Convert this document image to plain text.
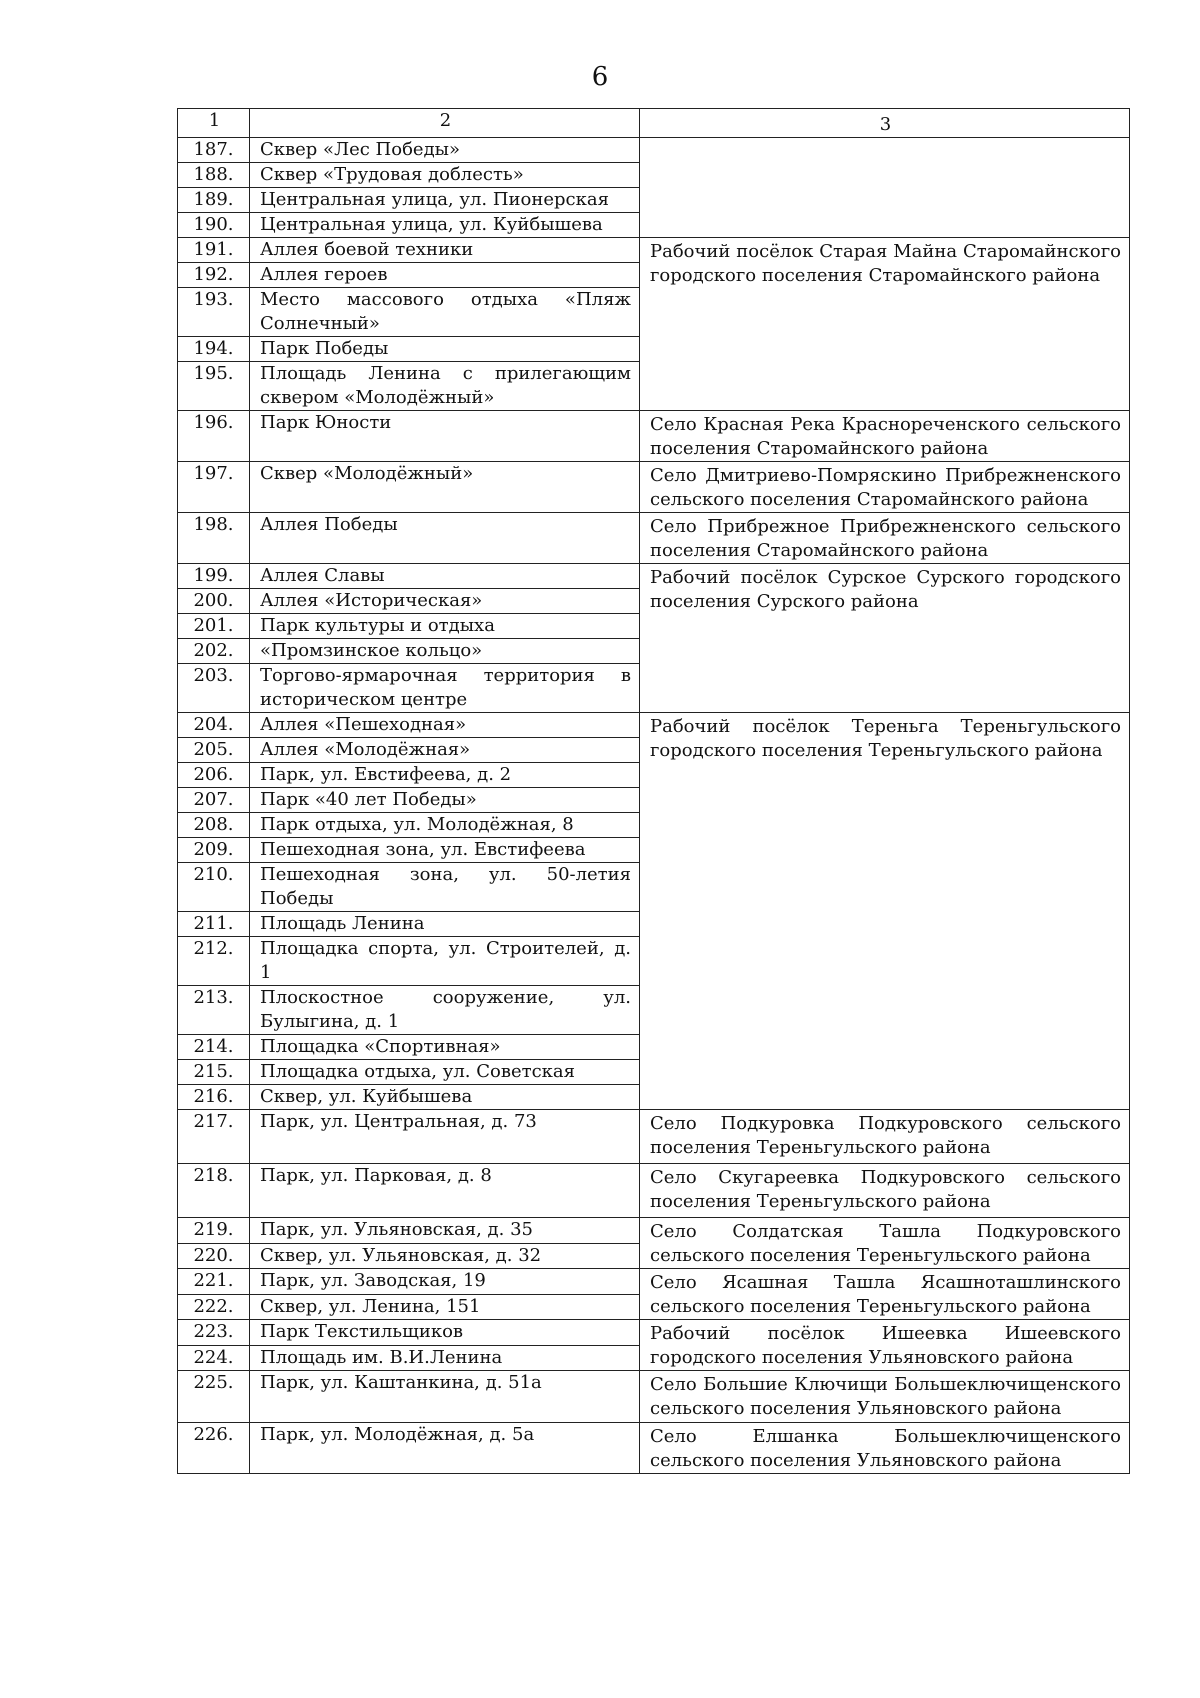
6
1	2	3
187.	Сквер «Лес Победы»	
188.	Сквер «Трудовая доблесть»	
189.	Центральная улица, ул. Пионерская	
190.	Центральная улица, ул. Куйбышева	
191.	Аллея боевой техники	Рабочий посёлок Старая Майна Старомайнского городского поселения Старомайнского района
192.	Аллея героев	
193.	Место массового отдыха «Пляж Солнечный»	
194.	Парк Победы	
195.	Площадь Ленина с прилегающим сквером «Молодёжный»	
196.	Парк Юности	Село Красная Река Краснореченского сельского поселения Старомайнского района
197.	Сквер «Молодёжный»	Село Дмитриево-Помряскино Прибрежненского сельского поселения Старомайнского района
198.	Аллея Победы	Село Прибрежное Прибрежненского сельского поселения Старомайнского района
199.	Аллея Славы	Рабочий посёлок Сурское Сурского городского поселения Сурского района
200.	Аллея «Историческая»	
201.	Парк культуры и отдыха	
202.	«Промзинское кольцо»	
203.	Торгово-ярмарочная территория в историческом центре	
204.	Аллея «Пешеходная»	Рабочий посёлок Тереньга Тереньгульского городского поселения Тереньгульского района
205.	Аллея «Молодёжная»	
206.	Парк, ул. Евстифеева, д. 2	
207.	Парк «40 лет Победы»	
208.	Парк отдыха, ул. Молодёжная, 8	
209.	Пешеходная зона, ул. Евстифеева	
210.	Пешеходная зона, ул. 50-летия Победы	
211.	Площадь Ленина	
212.	Площадка спорта, ул. Строителей, д. 1	
213.	Плоскостное сооружение, ул. Булыгина, д. 1	
214.	Площадка «Спортивная»	
215.	Площадка отдыха, ул. Советская	
216.	Сквер, ул. Куйбышева	
217.	Парк, ул. Центральная, д. 73	Село Подкуровка Подкуровского сельского поселения Тереньгульского района
218.	Парк, ул. Парковая, д. 8	Село Скугареевка Подкуровского сельского поселения Тереньгульского района
219.	Парк, ул. Ульяновская, д. 35	Село Солдатская Ташла Подкуровского сельского поселения Тереньгульского района
220.	Сквер, ул. Ульяновская, д. 32	
221.	Парк, ул. Заводская, 19	Село Ясашная Ташла Ясашноташлинского сельского поселения Тереньгульского района
222.	Сквер, ул. Ленина, 151	
223.	Парк Текстильщиков	Рабочий посёлок Ишеевка Ишеевского городского поселения Ульяновского района
224.	Площадь им. В.И.Ленина	
225.	Парк, ул. Каштанкина, д. 51а	Село Большие Ключищи Большеключищенского сельского поселения Ульяновского района
226.	Парк, ул. Молодёжная, д. 5а	Село Елшанка Большеключищенского сельского поселения Ульяновского района
